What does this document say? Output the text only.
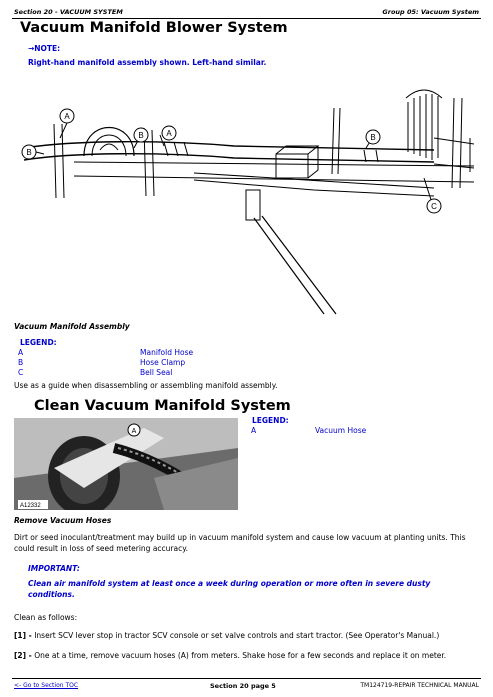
Section 20 - VACUUM SYSTEM	Group 05: Vacuum System
Vacuum Manifold Blower System
→NOTE:
Right-hand manifold assembly shown. Left-hand similar.
A
B	A
B
B
C
Vacuum Manifold Assembly
LEGEND:
A	Manifold Hose
B	Hose Clamp
C	Bell Seal
Use as a guide when disassembling or assembling manifold assembly.
Clean Vacuum Manifold System
A
A12332
LEGEND:
A	Vacuum Hose
Remove Vacuum Hoses
Dirt or seed inoculant/treatment may build up in vacuum manifold system and cause low vacuum at planting units. This could result in loss of seed metering accuracy.
IMPORTANT:
Clean air manifold system at least once a week during operation or more often in severe dusty conditions.
Clean as follows:
[1] - Insert SCV lever stop in tractor SCV console or set valve controls and start tractor. (See Operator's Manual.)
[2] - One at a time, remove vacuum hoses (A) from meters. Shake hose for a few seconds and replace it on meter.
<- Go to Section TOC	Section 20 page 5	TM124719-REPAIR TECHNICAL MANUAL
